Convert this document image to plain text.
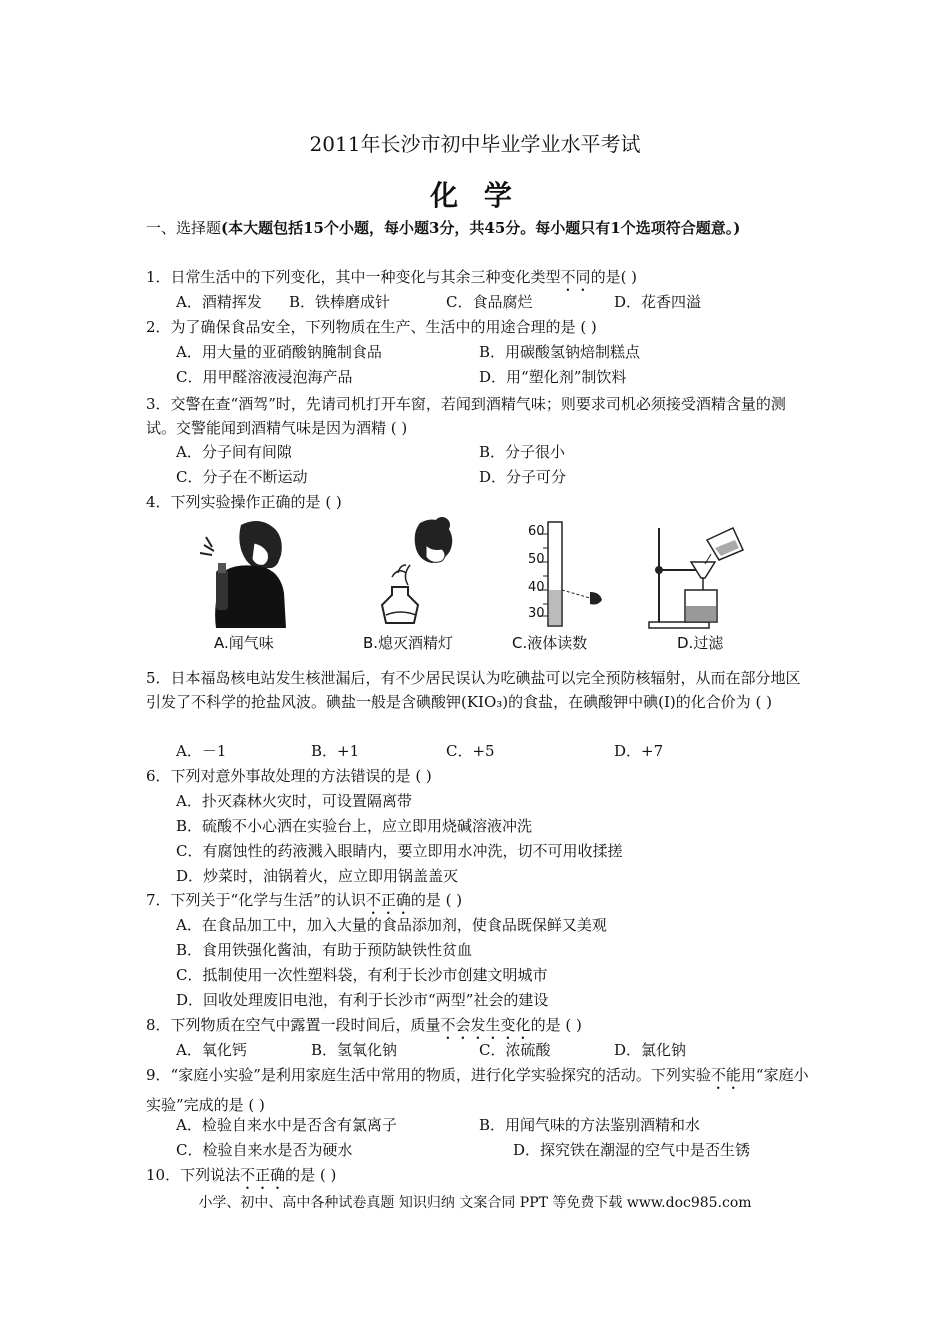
2011年长沙市初中毕业学业水平考试
化 学
一、选择题(本大题包括15个小题，每小题3分，共45分。每小题只有1个选项符合题意。)
1．日常生活中的下列变化，其中一种变化与其余三种变化类型不同的是( )
A．酒精挥发 B．铁棒磨成针	C．食品腐烂	D．花香四溢
2．为了确保食品安全，下列物质在生产、生活中的用途合理的是 ( )
A．用大量的亚硝酸钠腌制食品	B．用碳酸氢钠焙制糕点
C．用甲醛溶液浸泡海产品	D．用“塑化剂”制饮料
3．交警在查“酒驾”时，先请司机打开车窗，若闻到酒精气味；则要求司机必须接受酒精含量的测试。交警能闻到酒精气味是因为酒精 ( )
A．分子间有间隙	B．分子很小
C．分子在不断运动	D．分子可分
4．下列实验操作正确的是 ( )
A.闻气味	B.熄灭酒精灯
60
50
40
30
C.液体读数	D.过滤
5．日本福岛核电站发生核泄漏后，有不少居民误认为吃碘盐可以完全预防核辐射，从而在部分地区引发了不科学的抢盐风波。碘盐一般是含碘酸钾(KIO₃)的食盐，在碘酸钾中碘(I)的化合价为 ( )
A．－1	B．+1	C．+5	D．+7
6．下列对意外事故处理的方法错误的是 ( )
A．扑灭森林火灾时，可设置隔离带
B．硫酸不小心洒在实验台上，应立即用烧碱溶液冲洗
C．有腐蚀性的药液溅入眼睛内，要立即用水冲洗，切不可用收揉搓
D．炒菜时，油锅着火，应立即用锅盖盖灭
7．下列关于“化学与生活”的认识不正确的是 ( )
A．在食品加工中，加入大量的食品添加剂，使食品既保鲜又美观
B．食用铁强化酱油，有助于预防缺铁性贫血
C．抵制使用一次性塑料袋，有利于长沙市创建文明城市
D．回收处理废旧电池，有利于长沙市“两型”社会的建设
8．下列物质在空气中露置一段时间后，质量不会发生变化的是 ( )
A．氧化钙	B．氢氧化钠	C．浓硫酸	D．氯化钠
9．“家庭小实验”是利用家庭生活中常用的物质，进行化学实验探究的活动。下列实验不能用“家庭小实验”完成的是 ( )
A．检验自来水中是否含有氯离子	B．用闻气味的方法鉴别酒精和水
C．检验自来水是否为硬水	D．探究铁在潮湿的空气中是否生锈
10．下列说法不正确的是 ( )
小学、初中、高中各种试卷真题 知识归纳 文案合同 PPT 等免费下载 www.doc985.com
